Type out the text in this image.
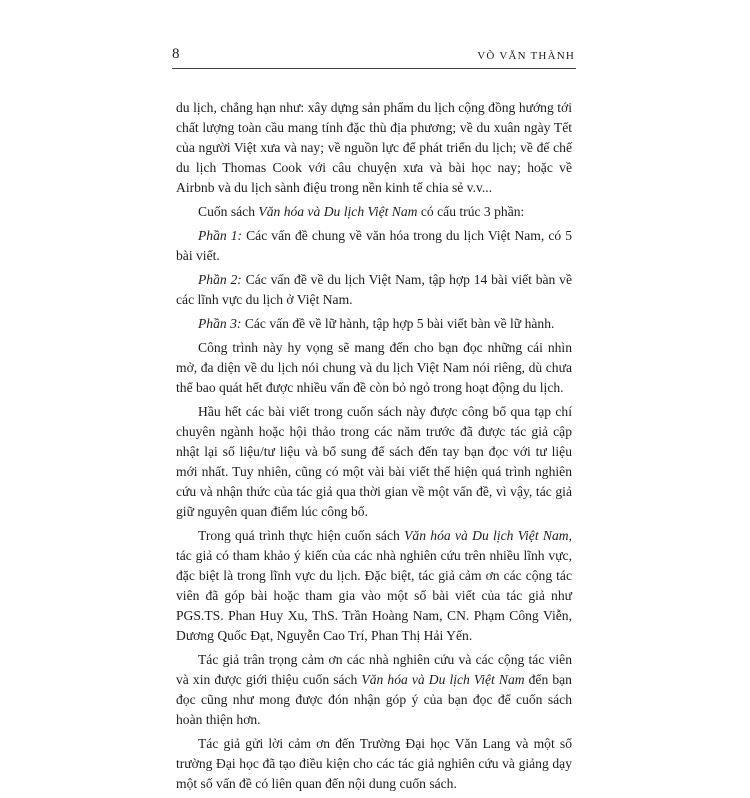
8	VÕ VĂN THÀNH

du lịch, chẳng hạn như: xây dựng sản phẩm du lịch cộng đồng hướng tới chất lượng toàn cầu mang tính đặc thù địa phương; về du xuân ngày Tết của người Việt xưa và nay; về nguồn lực để phát triển du lịch; về đế chế du lịch Thomas Cook với câu chuyện xưa và bài học nay; hoặc về Airbnb và du lịch sành điệu trong nền kinh tế chia sẻ v.v...

Cuốn sách Văn hóa và Du lịch Việt Nam có cấu trúc 3 phần:

Phần 1: Các vấn đề chung về văn hóa trong du lịch Việt Nam, có 5 bài viết.

Phần 2: Các vấn đề về du lịch Việt Nam, tập hợp 14 bài viết bàn về các lĩnh vực du lịch ở Việt Nam.

Phần 3: Các vấn đề về lữ hành, tập hợp 5 bài viết bàn về lữ hành.

Công trình này hy vọng sẽ mang đến cho bạn đọc những cái nhìn mở, đa diện về du lịch nói chung và du lịch Việt Nam nói riêng, dù chưa thể bao quát hết được nhiều vấn đề còn bỏ ngỏ trong hoạt động du lịch.

Hầu hết các bài viết trong cuốn sách này được công bố qua tạp chí chuyên ngành hoặc hội thảo trong các năm trước đã được tác giả cập nhật lại số liệu/tư liệu và bổ sung để sách đến tay bạn đọc với tư liệu mới nhất. Tuy nhiên, cũng có một vài bài viết thể hiện quá trình nghiên cứu và nhận thức của tác giả qua thời gian về một vấn đề, vì vậy, tác giả giữ nguyên quan điểm lúc công bố.

Trong quá trình thực hiện cuốn sách Văn hóa và Du lịch Việt Nam, tác giả có tham khảo ý kiến của các nhà nghiên cứu trên nhiều lĩnh vực, đặc biệt là trong lĩnh vực du lịch. Đặc biệt, tác giả cảm ơn các cộng tác viên đã góp bài hoặc tham gia vào một số bài viết của tác giả như PGS.TS. Phan Huy Xu, ThS. Trần Hoàng Nam, CN. Phạm Công Viễn, Dương Quốc Đạt, Nguyễn Cao Trí, Phan Thị Hải Yến.

Tác giả trân trọng cảm ơn các nhà nghiên cứu và các cộng tác viên và xin được giới thiệu cuốn sách Văn hóa và Du lịch Việt Nam đến bạn đọc cũng như mong được đón nhận góp ý của bạn đọc để cuốn sách hoàn thiện hơn.

Tác giả gửi lời cảm ơn đến Trường Đại học Văn Lang và một số trường Đại học đã tạo điều kiện cho các tác giả nghiên cứu và giảng dạy một số vấn đề có liên quan đến nội dung cuốn sách.
